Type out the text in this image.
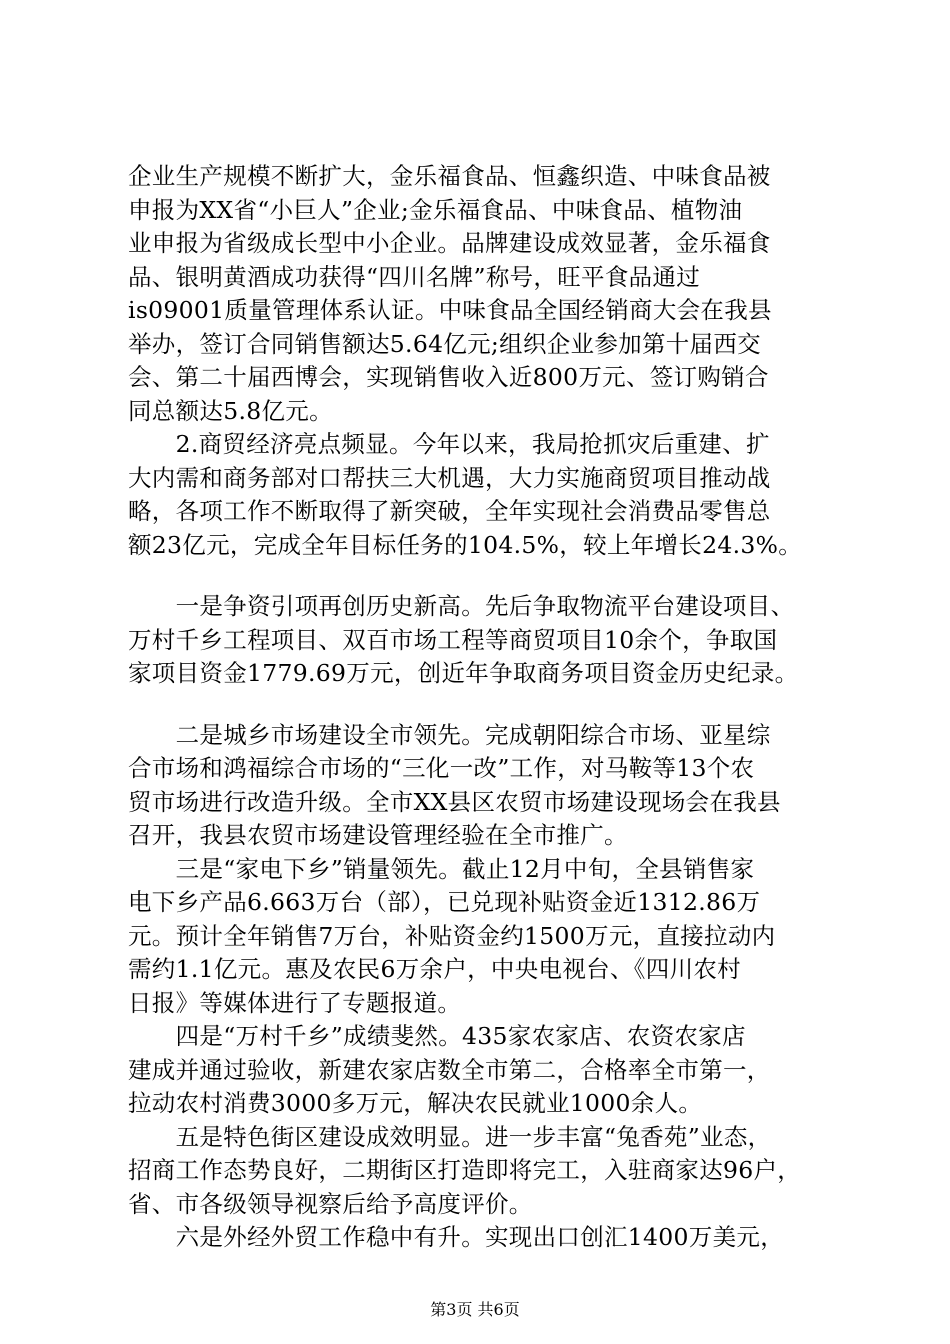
企业生产规模不断扩大，金乐福食品、恒鑫织造、中味食品被
申报为XX省“小巨人”企业;金乐福食品、中味食品、植物油
业申报为省级成长型中小企业。品牌建设成效显著，金乐福食
品、银明黄酒成功获得“四川名牌”称号，旺平食品通过
is09001质量管理体系认证。中味食品全国经销商大会在我县
举办，签订合同销售额达5.64亿元;组织企业参加第十届西交
会、第二十届西博会，实现销售收入近800万元、签订购销合
同总额达5.8亿元。
　　2.商贸经济亮点频显。今年以来，我局抢抓灾后重建、扩
大内需和商务部对口帮扶三大机遇，大力实施商贸项目推动战
略，各项工作不断取得了新突破，全年实现社会消费品零售总
额23亿元，完成全年目标任务的104.5%，较上年增长24.3%。
　　一是争资引项再创历史新高。先后争取物流平台建设项目、
万村千乡工程项目、双百市场工程等商贸项目10余个，争取国
家项目资金1779.69万元，创近年争取商务项目资金历史纪录。
　　二是城乡市场建设全市领先。完成朝阳综合市场、亚星综
合市场和鸿福综合市场的“三化一改”工作，对马鞍等13个农
贸市场进行改造升级。全市XX县区农贸市场建设现场会在我县
召开，我县农贸市场建设管理经验在全市推广。
　　三是“家电下乡”销量领先。截止12月中旬，全县销售家
电下乡产品6.663万台（部），已兑现补贴资金近1312.86万
元。预计全年销售7万台，补贴资金约1500万元，直接拉动内
需约1.1亿元。惠及农民6万余户，中央电视台、《四川农村
日报》等媒体进行了专题报道。
　　四是“万村千乡”成绩斐然。435家农家店、农资农家店
建成并通过验收，新建农家店数全市第二，合格率全市第一，
拉动农村消费3000多万元，解决农民就业1000余人。
　　五是特色街区建设成效明显。进一步丰富“兔香苑”业态，
招商工作态势良好，二期街区打造即将完工，入驻商家达96户，
省、市各级领导视察后给予高度评价。
　　六是外经外贸工作稳中有升。实现出口创汇1400万美元，
第3页 共6页
